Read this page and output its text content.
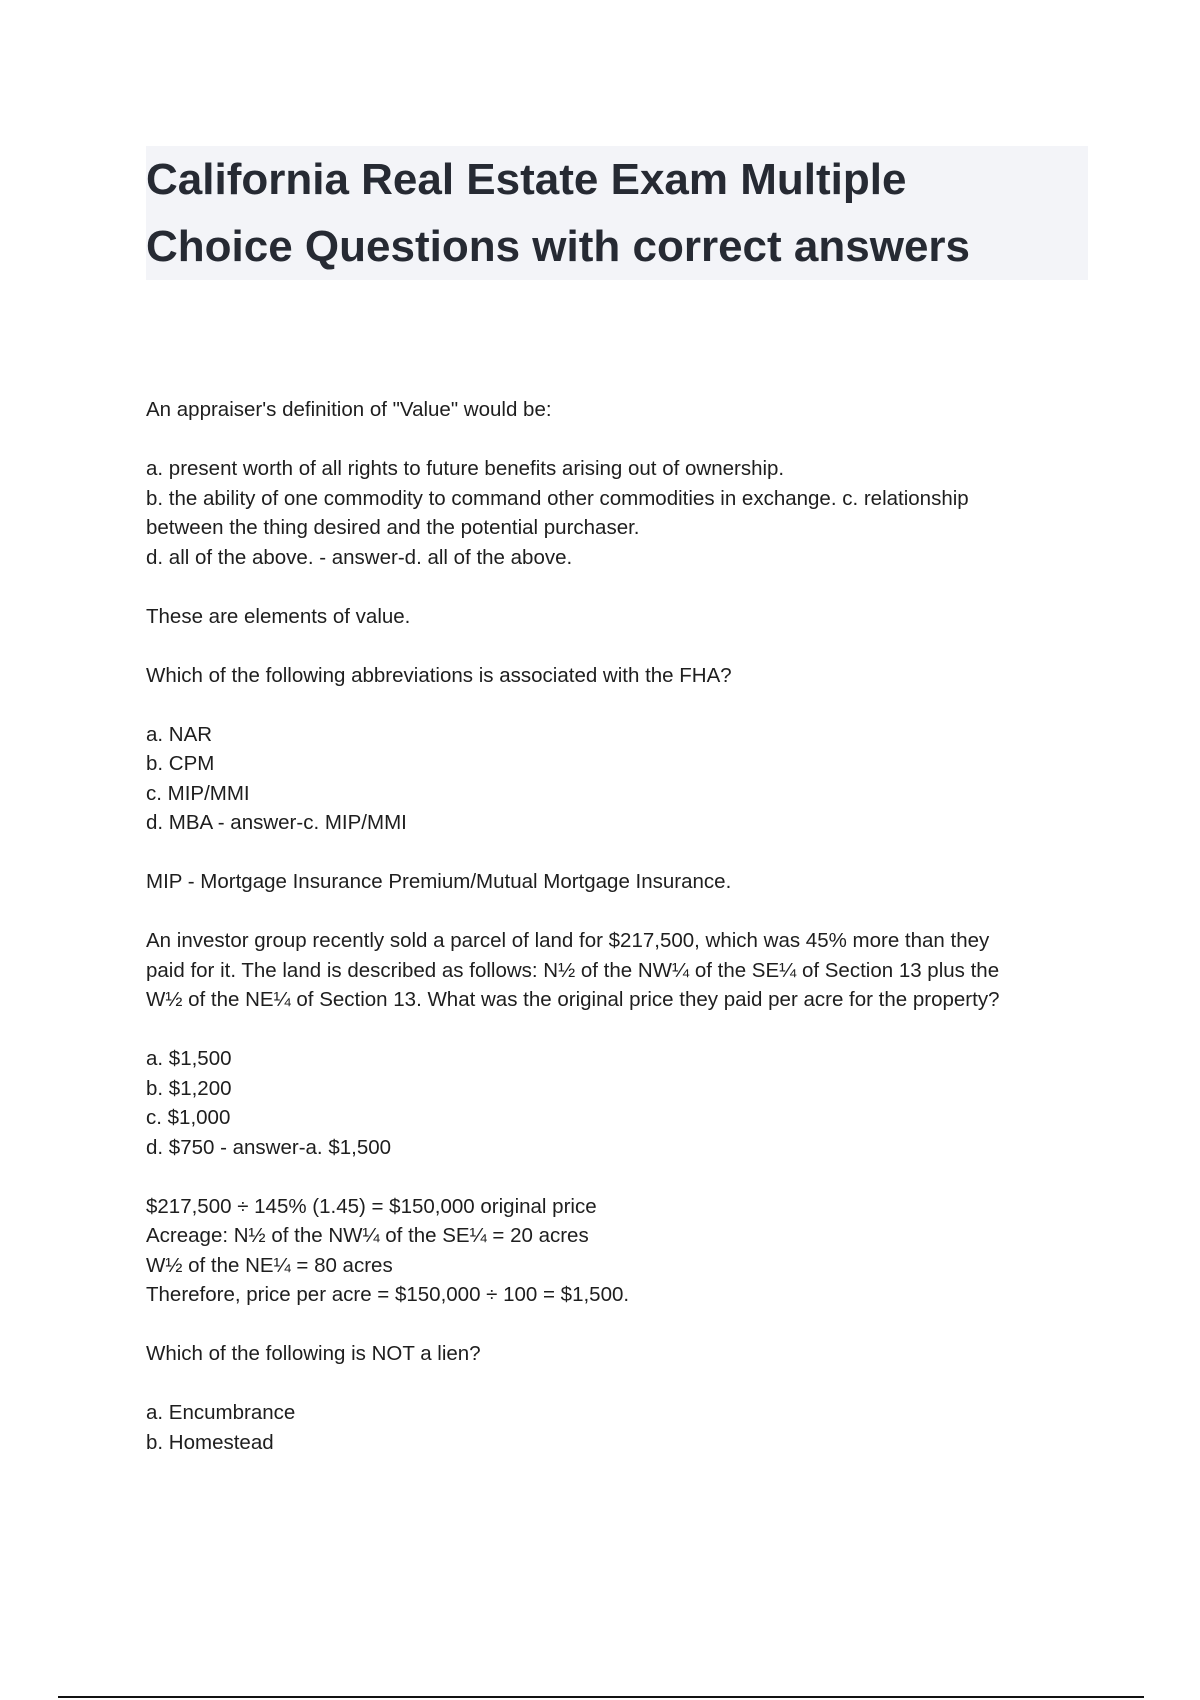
California Real Estate Exam Multiple
Choice Questions with correct answers

An appraiser's definition of "Value" would be:

a. present worth of all rights to future benefits arising out of ownership.
b. the ability of one commodity to command other commodities in exchange. c. relationship
between the thing desired and the potential purchaser.
d. all of the above. - answer-d. all of the above.

These are elements of value.

Which of the following abbreviations is associated with the FHA?

a. NAR
b. CPM
c. MIP/MMI
d. MBA - answer-c. MIP/MMI

MIP - Mortgage Insurance Premium/Mutual Mortgage Insurance.

An investor group recently sold a parcel of land for $217,500, which was 45% more than they
paid for it. The land is described as follows: N½ of the NW¼ of the SE¼ of Section 13 plus the
W½ of the NE¼ of Section 13. What was the original price they paid per acre for the property?

a. $1,500
b. $1,200
c. $1,000
d. $750 - answer-a. $1,500

$217,500 ÷ 145% (1.45) = $150,000 original price
Acreage: N½ of the NW¼ of the SE¼ = 20 acres
W½ of the NE¼ = 80 acres
Therefore, price per acre = $150,000 ÷ 100 = $1,500.

Which of the following is NOT a lien?

a. Encumbrance
b. Homestead
